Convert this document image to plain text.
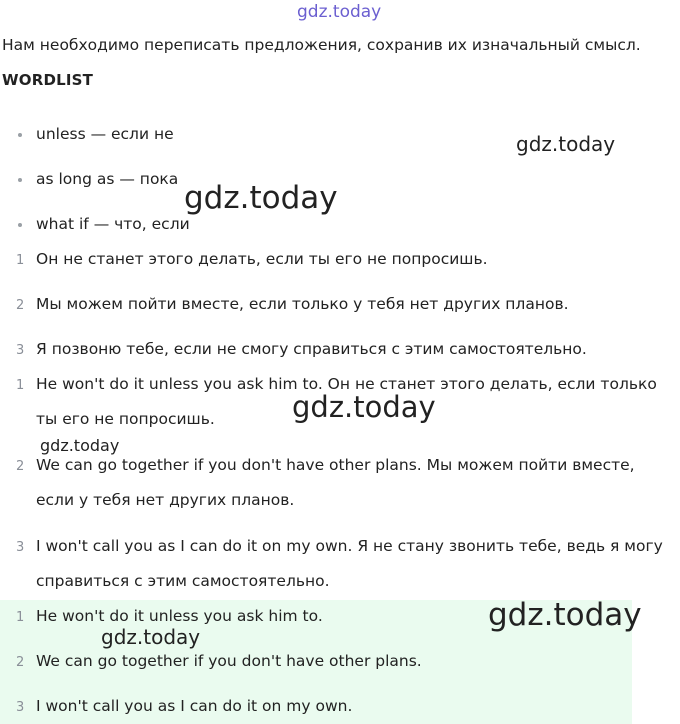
gdz.today
Нам необходимо переписать предложения, сохранив их изначальный смысл.
WORDLIST
unless — если не
as long as — пока
what if — что, если
1 Он не станет этого делать, если ты его не попросишь.
2 Мы можем пойти вместе, если только у тебя нет других планов.
3 Я позвоню тебе, если не смогу справиться с этим самостоятельно.
1 He won't do it unless you ask him to. Он не станет этого делать, если только
ты его не попросишь.
2 We can go together if you don't have other plans. Мы можем пойти вместе,
если у тебя нет других планов.
3 I won't call you as I can do it on my own. Я не стану звонить тебе, ведь я могу
справиться с этим самостоятельно.
1 He won't do it unless you ask him to.
2 We can go together if you don't have other plans.
3 I won't call you as I can do it on my own.
gdz.today
gdz.today
gdz.today
gdz.today
gdz.today
gdz.today
